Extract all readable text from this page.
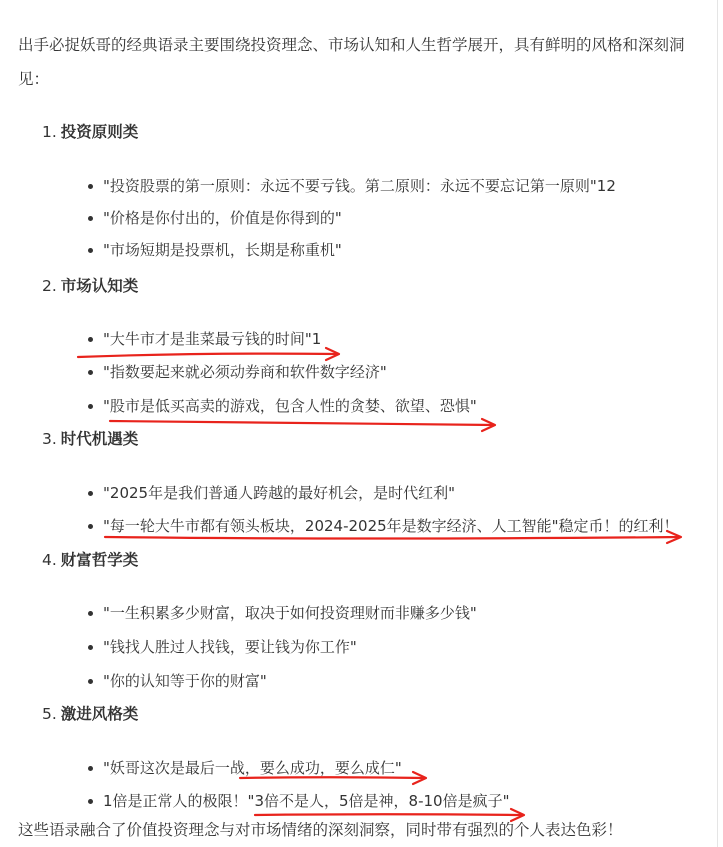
出手必捉妖哥的经典语录主要围绕投资理念、市场认知和人生哲学展开，具有鲜明的风格和深刻洞见：

1. 投资原则类
"投资股票的第一原则：永远不要亏钱。第二原则：永远不要忘记第一原则"12
"价格是你付出的，价值是你得到的"
"市场短期是投票机，长期是称重机"
2. 市场认知类
"大牛市才是韭菜最亏钱的时间"1
"指数要起来就必须动券商和软件数字经济"
"股市是低买高卖的游戏，包含人性的贪婪、欲望、恐惧"
3. 时代机遇类
"2025年是我们普通人跨越的最好机会，是时代红利"
"每一轮大牛市都有领头板块，2024-2025年是数字经济、人工智能"稳定币！的红利！
4. 财富哲学类
"一生积累多少财富，取决于如何投资理财而非赚多少钱"
"钱找人胜过人找钱，要让钱为你工作"
"你的认知等于你的财富"
5. 激进风格类
"妖哥这次是最后一战，要么成功，要么成仁"
1倍是正常人的极限！"3倍不是人，5倍是神，8-10倍是疯子"

这些语录融合了价值投资理念与对市场情绪的深刻洞察，同时带有强烈的个人表达色彩！
